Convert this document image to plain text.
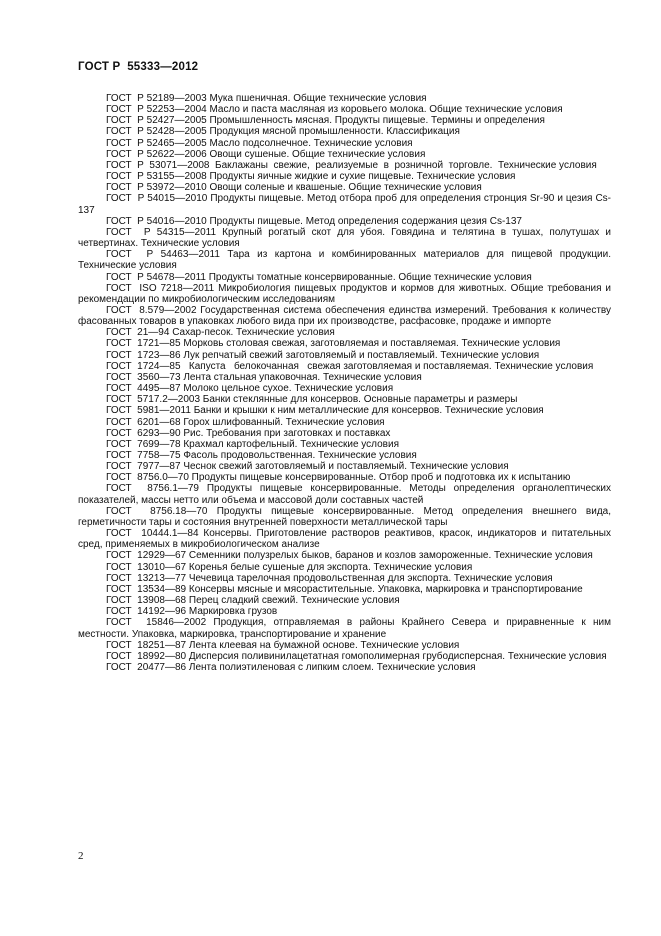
ГОСТ Р  55333—2012

ГОСТ  Р 52189—2003 Мука пшеничная. Общие технические условия

ГОСТ  Р 52253—2004 Масло и паста масляная из коровьего молока. Общие технические условия

ГОСТ  Р 52427—2005 Промышленность мясная. Продукты пищевые. Термины и определения

ГОСТ  Р 52428—2005 Продукция мясной промышленности. Классификация

ГОСТ  Р 52465—2005 Масло подсолнечное. Технические условия

ГОСТ  Р 52622—2006 Овощи сушеные. Общие технические условия

ГОСТ  Р  53071—2008  Баклажаны  свежие,  реализуемые  в  розничной  торговле.  Технические условия

ГОСТ  Р 53155—2008 Продукты яичные жидкие и сухие пищевые. Технические условия

ГОСТ  Р 53972—2010 Овощи соленые и квашеные. Общие технические условия

ГОСТ  Р 54015—2010 Продукты пищевые. Метод отбора проб для определения стронция Sr-90 и цезия Cs-137

ГОСТ  Р 54016—2010 Продукты пищевые. Метод определения содержания цезия Cs-137

ГОСТ  Р 54315—2011 Крупный рогатый скот для убоя. Говядина и телятина в тушах, полутушах и четвертинах. Технические условия

ГОСТ  Р 54463—2011 Тара из картона и комбинированных материалов для пищевой продукции. Технические условия

ГОСТ  Р 54678—2011 Продукты томатные консервированные. Общие технические условия

ГОСТ  ISO 7218—2011 Микробиология пищевых продуктов и кормов для животных. Общие требования и рекомендации по микробиологическим исследованиям

ГОСТ  8.579—2002 Государственная система обеспечения единства измерений. Требования к количеству фасованных товаров в упаковках любого вида при их производстве, расфасовке, продаже и импорте

ГОСТ  21—94 Сахар-песок. Технические условия

ГОСТ  1721—85 Морковь столовая свежая, заготовляемая и поставляемая. Технические условия

ГОСТ  1723—86 Лук репчатый свежий заготовляемый и поставляемый. Технические условия

ГОСТ  1724—85   Капуста   белокочанная   свежая заготовляемая и поставляемая. Технические условия

ГОСТ  3560—73 Лента стальная упаковочная. Технические условия

ГОСТ  4495—87 Молоко цельное сухое. Технические условия

ГОСТ  5717.2—2003 Банки стеклянные для консервов. Основные параметры и размеры

ГОСТ  5981—2011 Банки и крышки к ним металлические для консервов. Технические условия

ГОСТ  6201—68 Горох шлифованный. Технические условия

ГОСТ  6293—90 Рис. Требования при заготовках и поставках

ГОСТ  7699—78 Крахмал картофельный. Технические условия

ГОСТ  7758—75 Фасоль продовольственная. Технические условия

ГОСТ  7977—87 Чеснок свежий заготовляемый и поставляемый. Технические условия

ГОСТ  8756.0—70 Продукты пищевые консервированные. Отбор проб и подготовка их к испытанию

ГОСТ  8756.1—79 Продукты пищевые консервированные. Методы определения органолептических показателей, массы нетто или объема и массовой доли составных частей

ГОСТ  8756.18—70 Продукты пищевые консервированные. Метод определения внешнего вида, герметичности тары и состояния внутренней поверхности металлической тары

ГОСТ  10444.1—84 Консервы. Приготовление растворов реактивов, красок, индикаторов и питательных сред, применяемых в микробиологическом анализе

ГОСТ  12929—67 Семенники полузрелых быков, баранов и козлов замороженные. Технические условия

ГОСТ  13010—67 Коренья белые сушеные для экспорта. Технические условия

ГОСТ  13213—77 Чечевица тарелочная продовольственная для экспорта. Технические условия

ГОСТ  13534—89 Консервы мясные и мясорастительные. Упаковка, маркировка и транспортирование

ГОСТ  13908—68 Перец сладкий свежий. Технические условия

ГОСТ  14192—96 Маркировка грузов

ГОСТ  15846—2002 Продукция, отправляемая в районы Крайнего Севера и приравненные к ним местности. Упаковка, маркировка, транспортирование и хранение

ГОСТ  18251—87 Лента клеевая на бумажной основе. Технические условия

ГОСТ  18992—80 Дисперсия поливинилацетатная гомополимерная грубодисперсная. Технические условия

ГОСТ  20477—86 Лента полиэтиленовая с липким слоем. Технические условия

2
